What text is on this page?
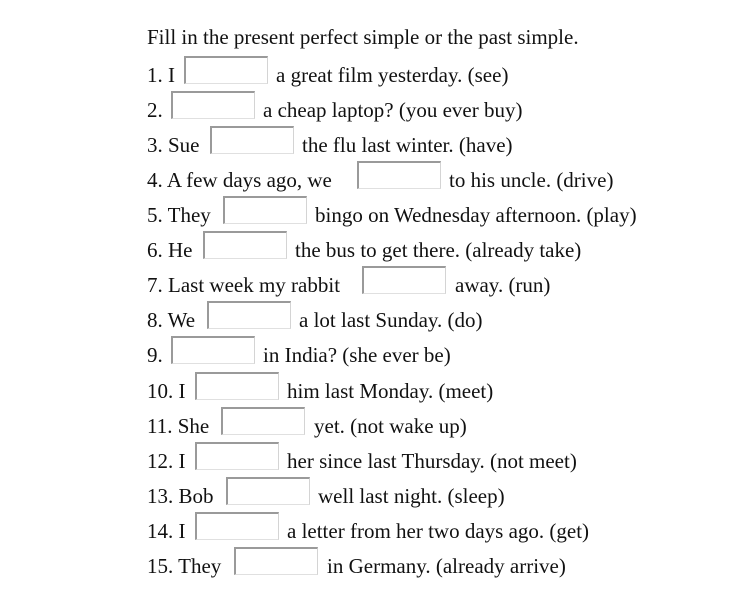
Fill in the present perfect simple or the past simple.
1. I	a great film yesterday. (see)
2.	a cheap laptop? (you ever buy)
3. Sue	the flu last winter. (have)
4. A few days ago, we	to his uncle. (drive)
5. They	bingo on Wednesday afternoon. (play)
6. He	the bus to get there. (already take)
7. Last week my rabbit	away. (run)
8. We	a lot last Sunday. (do)
9.	in India? (she ever be)
10. I	him last Monday. (meet)
11. She	yet. (not wake up)
12. I	her since last Thursday. (not meet)
13. Bob	well last night. (sleep)
14. I	a letter from her two days ago. (get)
15. They	in Germany. (already arrive)
